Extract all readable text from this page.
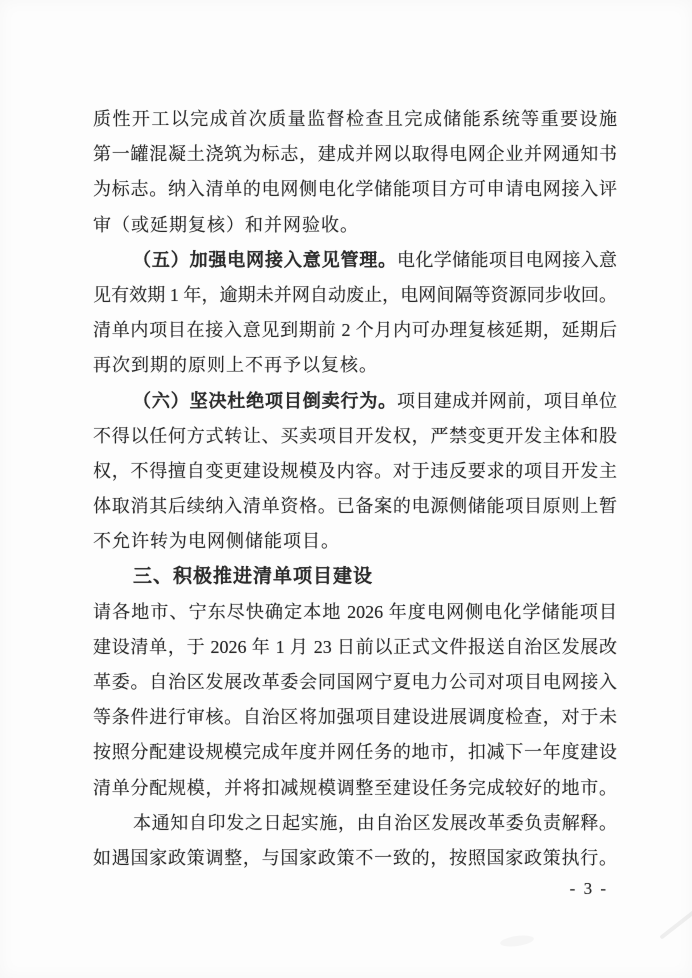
质性开工以完成首次质量监督检查且完成储能系统等重要设施
第一罐混凝土浇筑为标志，建成并网以取得电网企业并网通知书
为标志。纳入清单的电网侧电化学储能项目方可申请电网接入评
审（或延期复核）和并网验收。
（五）加强电网接入意见管理。电化学储能项目电网接入意
见有效期 1 年，逾期未并网自动废止，电网间隔等资源同步收回。
清单内项目在接入意见到期前 2 个月内可办理复核延期，延期后
再次到期的原则上不再予以复核。
（六）坚决杜绝项目倒卖行为。项目建成并网前，项目单位
不得以任何方式转让、买卖项目开发权，严禁变更开发主体和股
权，不得擅自变更建设规模及内容。对于违反要求的项目开发主
体取消其后续纳入清单资格。已备案的电源侧储能项目原则上暂
不允许转为电网侧储能项目。
三、积极推进清单项目建设
请各地市、宁东尽快确定本地 2026 年度电网侧电化学储能项目
建设清单，于 2026 年 1 月 23 日前以正式文件报送自治区发展改
革委。自治区发展改革委会同国网宁夏电力公司对项目电网接入
等条件进行审核。自治区将加强项目建设进展调度检查，对于未
按照分配建设规模完成年度并网任务的地市，扣减下一年度建设
清单分配规模，并将扣减规模调整至建设任务完成较好的地市。
本通知自印发之日起实施，由自治区发展改革委负责解释。
如遇国家政策调整，与国家政策不一致的，按照国家政策执行。
- 3 -
